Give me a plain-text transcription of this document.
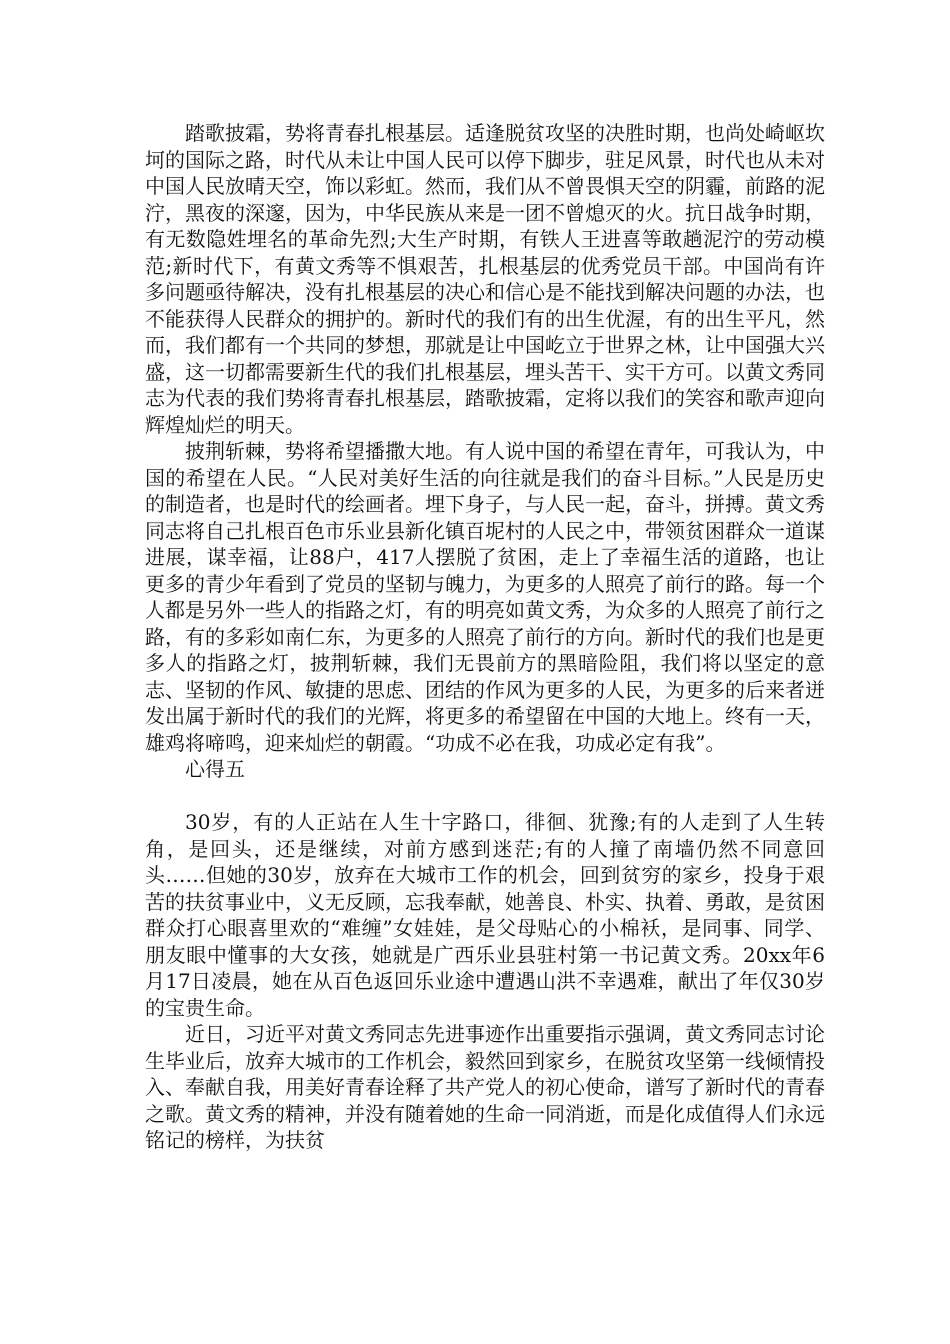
踏歌披霜，势将青春扎根基层。适逢脱贫攻坚的决胜时期，也尚处崎岖坎坷的国际之路，时代从未让中国人民可以停下脚步，驻足风景，时代也从未对中国人民放晴天空，饰以彩虹。然而，我们从不曾畏惧天空的阴霾，前路的泥泞，黑夜的深邃，因为，中华民族从来是一团不曾熄灭的火。抗日战争时期，有无数隐姓埋名的革命先烈;大生产时期，有铁人王进喜等敢趟泥泞的劳动模范;新时代下，有黄文秀等不惧艰苦，扎根基层的优秀党员干部。中国尚有许多问题亟待解决，没有扎根基层的决心和信心是不能找到解决问题的办法，也不能获得人民群众的拥护的。新时代的我们有的出生优渥，有的出生平凡，然而，我们都有一个共同的梦想，那就是让中国屹立于世界之林，让中国强大兴盛，这一切都需要新生代的我们扎根基层，埋头苦干、实干方可。以黄文秀同志为代表的我们势将青春扎根基层，踏歌披霜，定将以我们的笑容和歌声迎向辉煌灿烂的明天。

披荆斩棘，势将希望播撒大地。有人说中国的希望在青年，可我认为，中国的希望在人民。“人民对美好生活的向往就是我们的奋斗目标。”人民是历史的制造者，也是时代的绘画者。埋下身子，与人民一起，奋斗，拼搏。黄文秀同志将自己扎根百色市乐业县新化镇百坭村的人民之中，带领贫困群众一道谋进展，谋幸福，让88户，417人摆脱了贫困，走上了幸福生活的道路，也让更多的青少年看到了党员的坚韧与魄力，为更多的人照亮了前行的路。每一个人都是另外一些人的指路之灯，有的明亮如黄文秀，为众多的人照亮了前行之路，有的多彩如南仁东，为更多的人照亮了前行的方向。新时代的我们也是更多人的指路之灯，披荆斩棘，我们无畏前方的黑暗险阻，我们将以坚定的意志、坚韧的作风、敏捷的思虑、团结的作风为更多的人民，为更多的后来者迸发出属于新时代的我们的光辉，将更多的希望留在中国的大地上。终有一天，雄鸡将啼鸣，迎来灿烂的朝霞。“功成不必在我，功成必定有我”。

心得五

30岁，有的人正站在人生十字路口，徘徊、犹豫;有的人走到了人生转角，是回头，还是继续，对前方感到迷茫;有的人撞了南墙仍然不同意回头……但她的30岁，放弃在大城市工作的机会，回到贫穷的家乡，投身于艰苦的扶贫事业中，义无反顾，忘我奉献，她善良、朴实、执着、勇敢，是贫困群众打心眼喜里欢的“难缠”女娃娃，是父母贴心的小棉袄，是同事、同学、朋友眼中懂事的大女孩，她就是广西乐业县驻村第一书记黄文秀。20xx年6月17日凌晨，她在从百色返回乐业途中遭遇山洪不幸遇难，献出了年仅30岁的宝贵生命。

近日，习近平对黄文秀同志先进事迹作出重要指示强调，黄文秀同志讨论生毕业后，放弃大城市的工作机会，毅然回到家乡，在脱贫攻坚第一线倾情投入、奉献自我，用美好青春诠释了共产党人的初心使命，谱写了新时代的青春之歌。黄文秀的精神，并没有随着她的生命一同消逝，而是化成值得人们永远铭记的榜样，为扶贫
